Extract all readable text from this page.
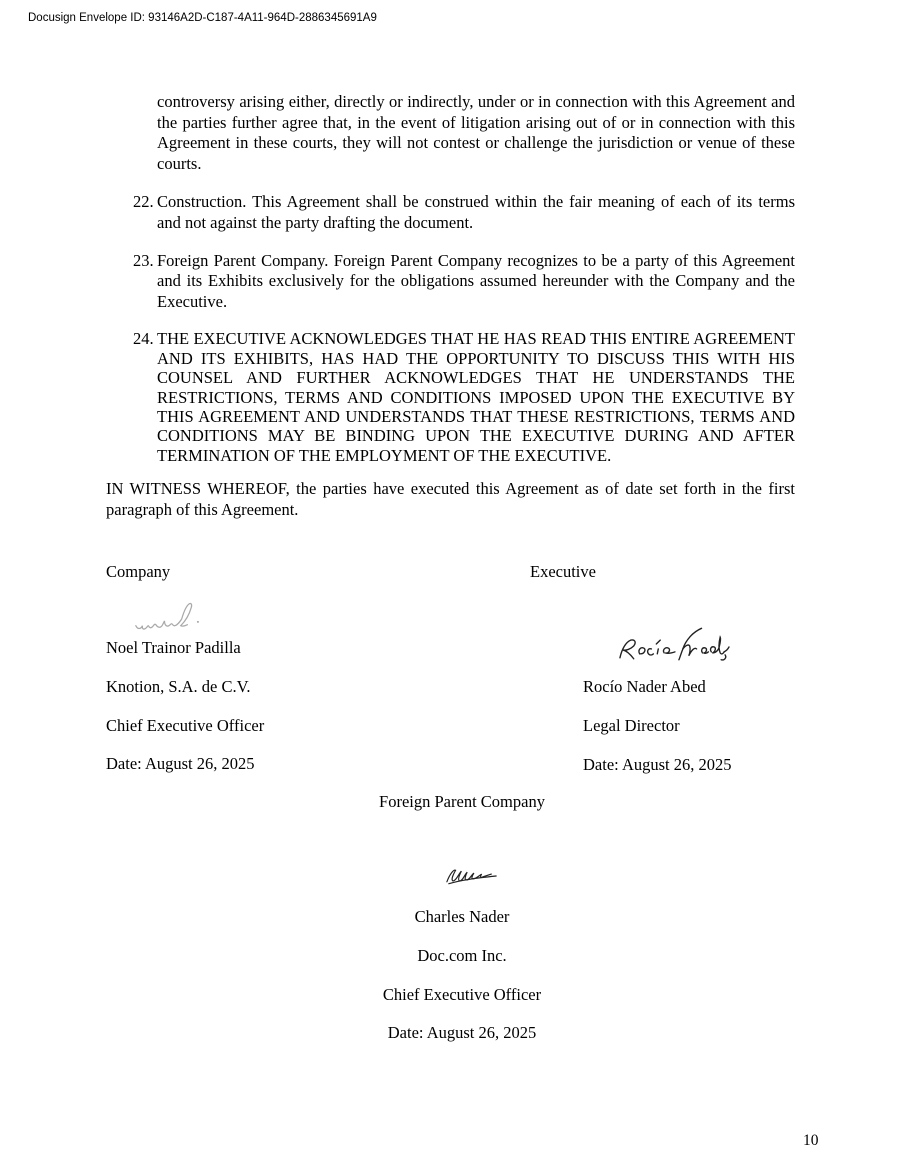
Docusign Envelope ID: 93146A2D-C187-4A11-964D-2886345691A9

controversy arising either, directly or indirectly, under or in connection with this Agreement and the parties further agree that, in the event of litigation arising out of or in connection with this Agreement in these courts, they will not contest or challenge the jurisdiction or venue of these courts.

22. Construction. This Agreement shall be construed within the fair meaning of each of its terms and not against the party drafting the document.
23. Foreign Parent Company. Foreign Parent Company recognizes to be a party of this Agreement and its Exhibits exclusively for the obligations assumed hereunder with the Company and the Executive.
24. THE EXECUTIVE ACKNOWLEDGES THAT HE HAS READ THIS ENTIRE AGREEMENT AND ITS EXHIBITS, HAS HAD THE OPPORTUNITY TO DISCUSS THIS WITH HIS COUNSEL AND FURTHER ACKNOWLEDGES THAT HE UNDERSTANDS THE RESTRICTIONS, TERMS AND CONDITIONS IMPOSED UPON THE EXECUTIVE BY THIS AGREEMENT AND UNDERSTANDS THAT THESE RESTRICTIONS, TERMS AND CONDITIONS MAY BE BINDING UPON THE EXECUTIVE DURING AND AFTER TERMINATION OF THE EMPLOYMENT OF THE EXECUTIVE.

IN WITNESS WHEREOF, the parties have executed this Agreement as of date set forth in the first paragraph of this Agreement.

Company	Executive

Noel Trainor Padilla

Knotion, S.A. de C.V.

Chief Executive Officer

Date: August 26, 2025

Rocío Nader Abed

Legal Director

Date: August 26, 2025

Foreign Parent Company

Charles Nader

Doc.com Inc.

Chief Executive Officer

Date: August 26, 2025

10
